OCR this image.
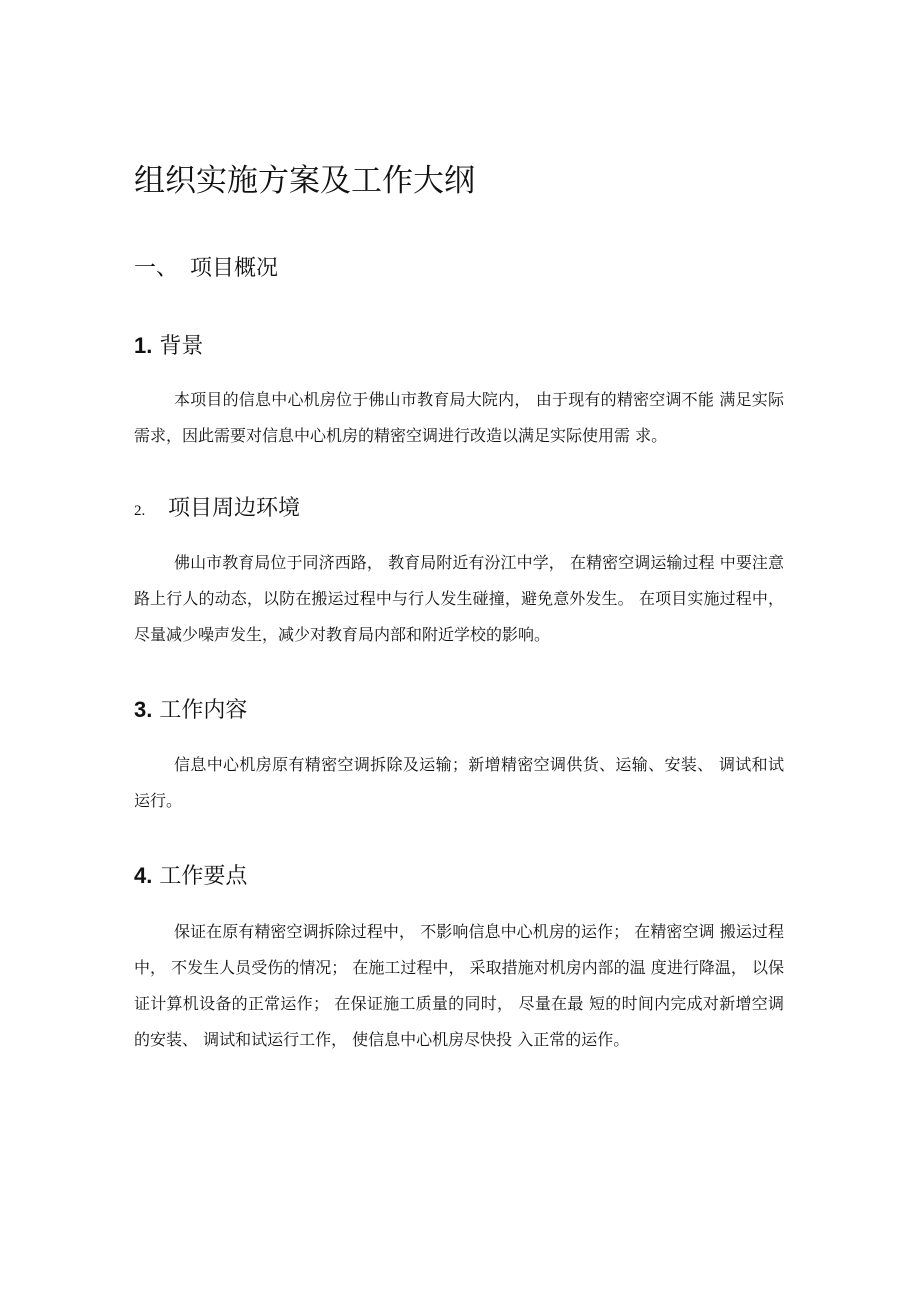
组织实施方案及工作大纲
一、 项目概况
1. 背景

本项目的信息中心机房位于佛山市教育局大院内， 由于现有的精密空调不能 满足实际需求，因此需要对信息中心机房的精密空调进行改造以满足实际使用需 求。

2. 项目周边环境

佛山市教育局位于同济西路， 教育局附近有汾江中学， 在精密空调运输过程 中要注意路上行人的动态，以防在搬运过程中与行人发生碰撞，避免意外发生。 在项目实施过程中，尽量减少噪声发生，减少对教育局内部和附近学校的影响。

3. 工作内容

信息中心机房原有精密空调拆除及运输；新增精密空调供货、运输、安装、 调试和试运行。

4. 工作要点

保证在原有精密空调拆除过程中， 不影响信息中心机房的运作； 在精密空调 搬运过程中， 不发生人员受伤的情况； 在施工过程中， 采取措施对机房内部的温 度进行降温， 以保证计算机设备的正常运作； 在保证施工质量的同时， 尽量在最 短的时间内完成对新增空调的安装、 调试和试运行工作， 使信息中心机房尽快投 入正常的运作。
